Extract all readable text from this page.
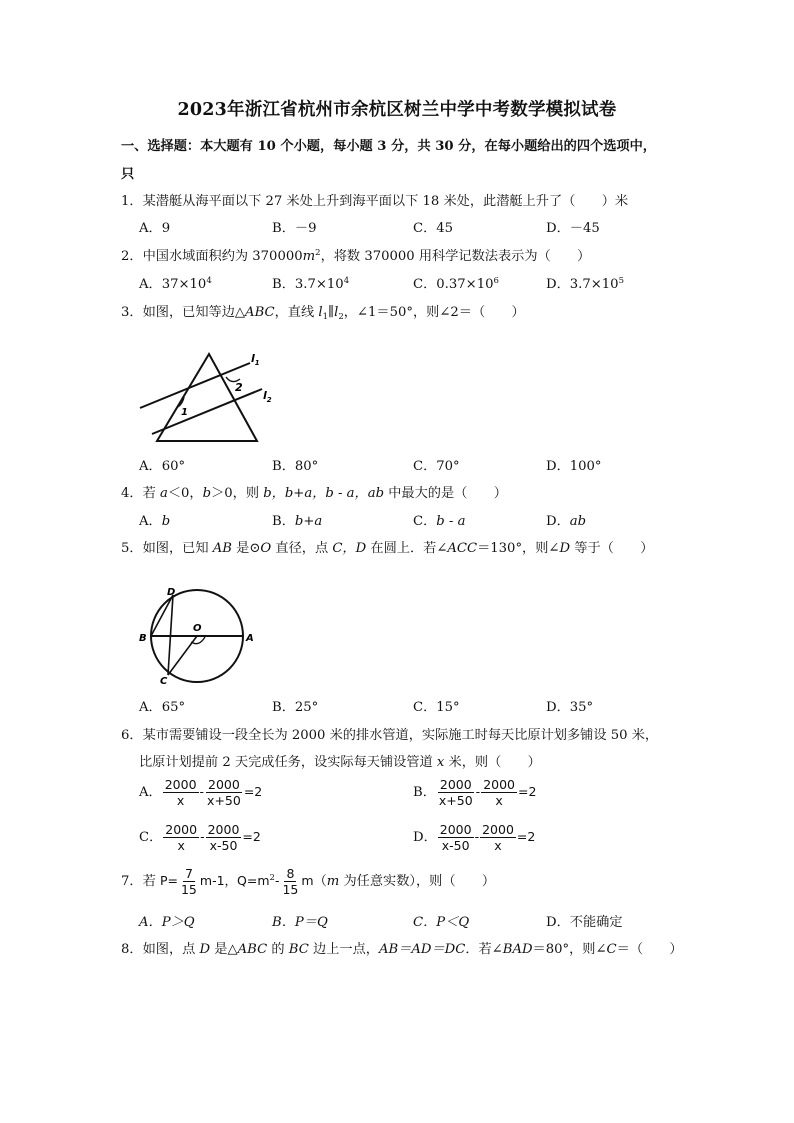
2023年浙江省杭州市余杭区树兰中学中考数学模拟试卷
一、选择题：本大题有 10 个小题，每小题 3 分，共 30 分，在每小题给出的四个选项中，
只
1．某潜艇从海平面以下 27 米处上升到海平面以下 18 米处，此潜艇上升了（　　）米
A．9	B．－9	C．45	D．－45
2．中国水域面积约为 $370000m^2$，将数 370000 用科学记数法表示为（　　）
A．$37\times 10^4$	B．$3.7\times 10^4$	C．$0.37\times 10^6$	D．$3.7\times 10^5$
3．如图，已知等边△ABC，直线 $l_1\parallel l_2$，∠1＝50°，则∠2＝（　　）
$l_1$
$l_2$
2
1
A．60°	B．80°	C．70°	D．100°
4．若 a＜0，b＞0，则 b，b+a，b - a，ab 中最大的是（　　）
A．b	B．b+a	C．b - a	D．ab
5．如图，已知 AB 是⊙O 直径，点 C，D 在圆上．若∠ACC＝130°，则∠D 等于（　　）
D
O
B	A
C
A．65°	B．25°	C．15°	D．35°
6．某市需要铺设一段全长为 2000 米的排水管道，实际施工时每天比原计划多铺设 50 米，
比原计划提前 2 天完成任务，设实际每天铺设管道 x 米，则（　　）
A． $\frac{2000}{x} - \frac{2000}{x+50} =2$	B． $\frac{2000}{x+50} - \frac{2000}{x} =2$
C． $\frac{2000}{x} - \frac{2000}{x-50} =2$	D． $\frac{2000}{x-50} - \frac{2000}{x} =2$
7．若 $P= \frac{7}{15} m-1$，$Q=m^2- \frac{8}{15} m(m$ 为任意实数），则（　　）
A．P＞Q	B．P＝Q	C．P＜Q	D．不能确定
8．如图，点 D 是△ABC 的 BC 边上一点，AB＝AD＝DC．若∠BAD＝80°，则∠C＝（　　）
